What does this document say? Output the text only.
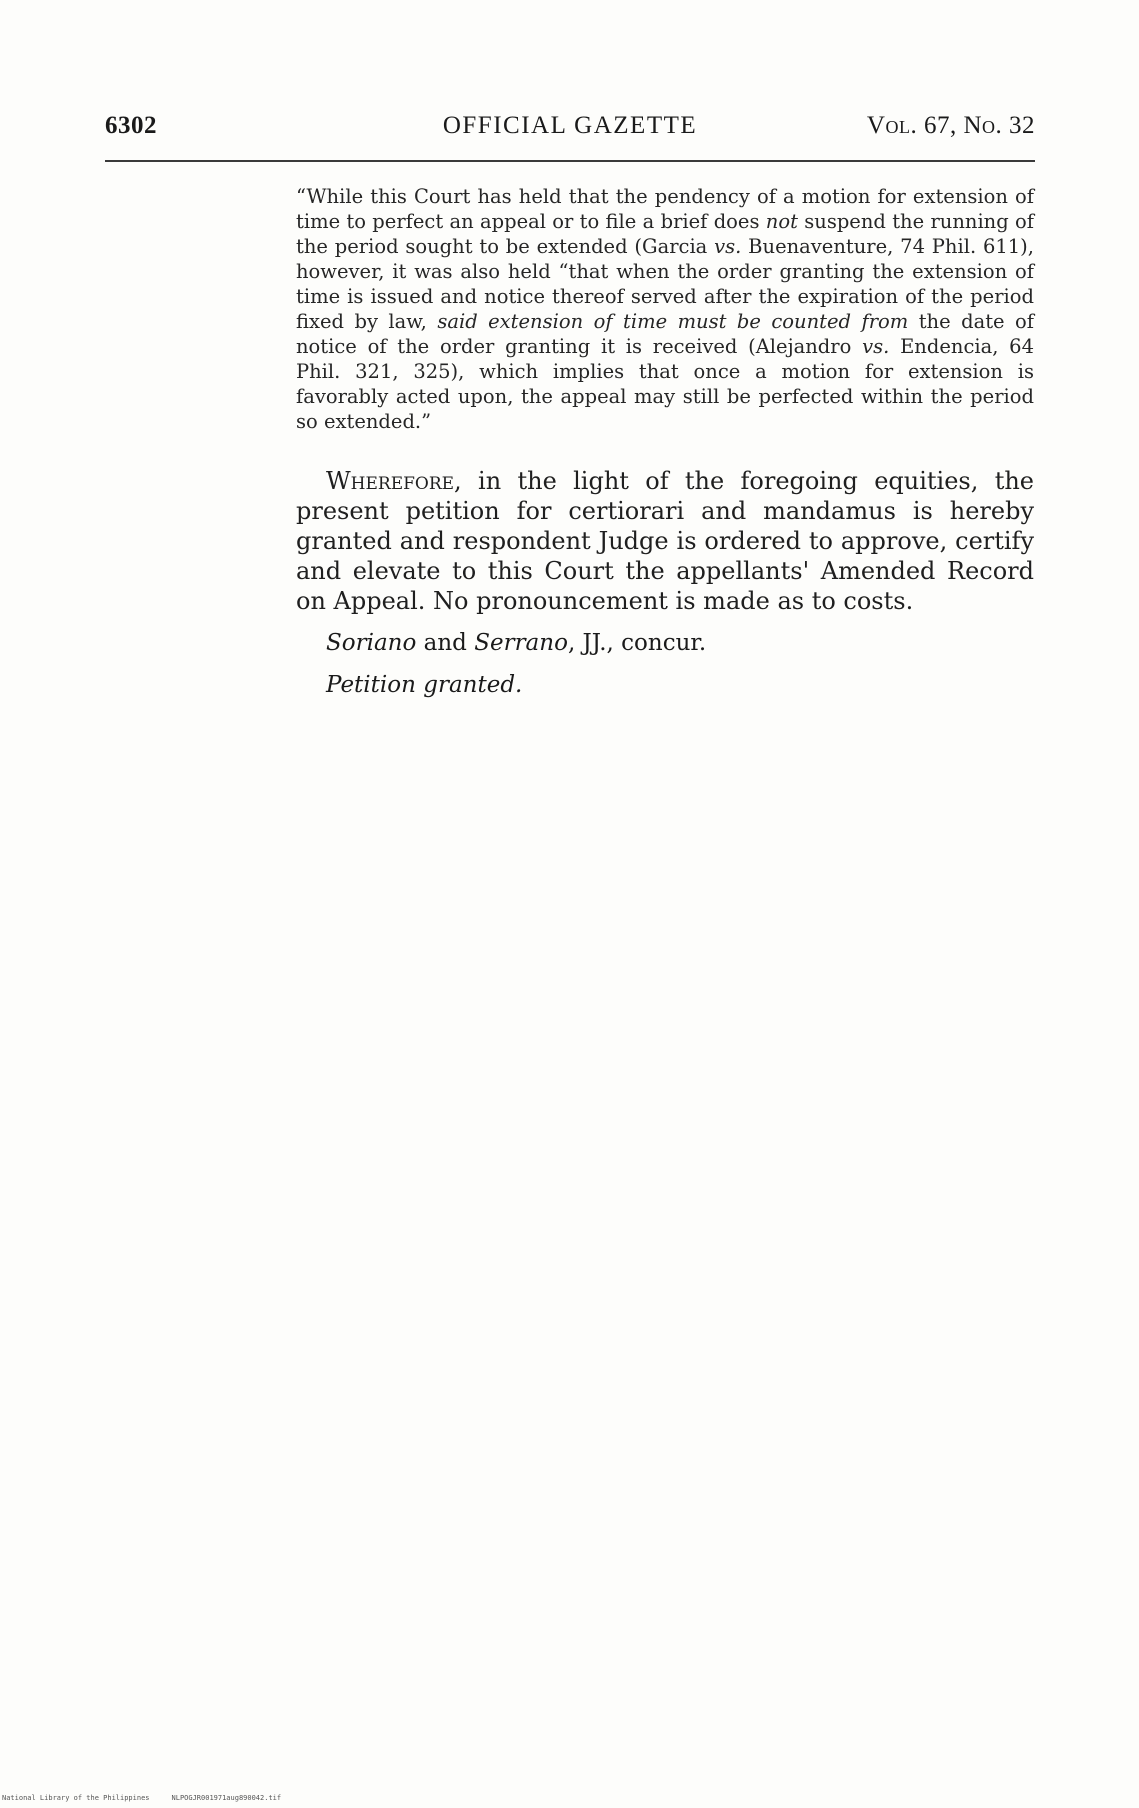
6302	OFFICIAL GAZETTE	Vol. 67, No. 32

“While this Court has held that the pendency of a motion for extension of time to perfect an appeal or to file a brief does not suspend the running of the period sought to be extended (Garcia vs. Buenaventure, 74 Phil. 611), however, it was also held “that when the order granting the extension of time is issued and notice thereof served after the expiration of the period fixed by law, said extension of time must be counted from the date of notice of the order granting it is received (Alejandro vs. Endencia, 64 Phil. 321, 325), which implies that once a motion for extension is favorably acted upon, the appeal may still be perfected within the period so extended.”

Wherefore, in the light of the foregoing equities, the present petition for certiorari and mandamus is hereby granted and respondent Judge is ordered to approve, certify and elevate to this Court the appellants' Amended Record on Appeal. No pronouncement is made as to costs.

Soriano and Serrano, JJ., concur.
Petition granted.
National Library of the Philippines	NLPOGJR001971aug890042.tif
